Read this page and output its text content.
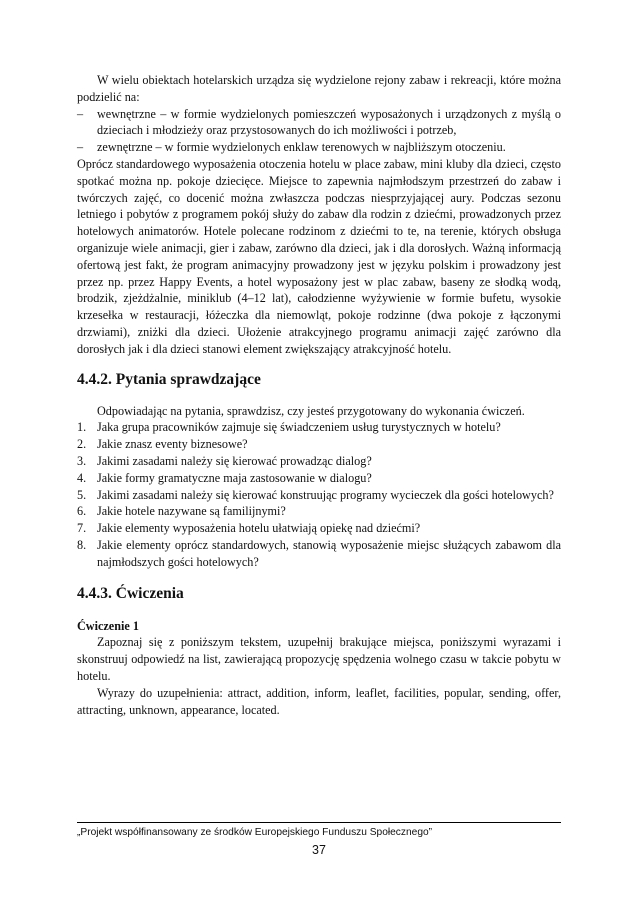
W wielu obiektach hotelarskich urządza się wydzielone rejony zabaw i rekreacji, które można podzielić na:

–	wewnętrzne – w formie wydzielonych pomieszczeń wyposażonych i urządzonych z myślą o dzieciach i młodzieży oraz przystosowanych do ich możliwości i potrzeb,
–	zewnętrzne – w formie wydzielonych enklaw terenowych w najbliższym otoczeniu.

Oprócz standardowego wyposażenia otoczenia hotelu w place zabaw, mini kluby dla dzieci, często spotkać można np. pokoje dziecięce. Miejsce to zapewnia najmłodszym przestrzeń do zabaw i twórczych zajęć, co docenić można zwłaszcza podczas niesprzyjającej aury. Podczas sezonu letniego i pobytów z programem pokój służy do zabaw dla rodzin z dziećmi, prowadzonych przez hotelowych animatorów. Hotele polecane rodzinom z dziećmi to te, na terenie, których obsługa organizuje wiele animacji, gier i zabaw, zarówno dla dzieci, jak i dla dorosłych. Ważną informacją ofertową jest fakt, że program animacyjny prowadzony jest w języku polskim i prowadzony jest przez np. przez Happy Events, a hotel wyposażony jest w plac zabaw, baseny ze słodką wodą, brodzik, zjeżdżalnie, miniklub (4–12 lat), całodzienne wyżywienie w formie bufetu, wysokie krzesełka w restauracji, łóżeczka dla niemowląt, pokoje rodzinne (dwa pokoje z łączonymi drzwiami), zniżki dla dzieci. Ułożenie atrakcyjnego programu animacji zajęć zarówno dla dorosłych jak i dla dzieci stanowi element zwiększający atrakcyjność hotelu.

4.4.2. Pytania sprawdzające

Odpowiadając na pytania, sprawdzisz, czy jesteś przygotowany do wykonania ćwiczeń.

1. Jaka grupa pracowników zajmuje się świadczeniem usług turystycznych w hotelu?
2. Jakie znasz eventy biznesowe?
3. Jakimi zasadami należy się kierować prowadząc dialog?
4. Jakie formy gramatyczne maja zastosowanie w dialogu?
5. Jakimi zasadami należy się kierować konstruując programy wycieczek dla gości hotelowych?
6. Jakie hotele nazywane są familijnymi?
7. Jakie elementy wyposażenia hotelu ułatwiają opiekę nad dziećmi?
8. Jakie elementy oprócz standardowych, stanowią wyposażenie miejsc służących zabawom dla najmłodszych gości hotelowych?
4.4.3. Ćwiczenia

Ćwiczenie 1

Zapoznaj się z poniższym tekstem, uzupełnij brakujące miejsca, poniższymi wyrazami i skonstruuj odpowiedź na list, zawierającą propozycję spędzenia wolnego czasu w takcie pobytu w hotelu.

Wyrazy do uzupełnienia: attract, addition, inform, leaflet, facilities, popular, sending, offer, attracting, unknown, appearance, located.

„Projekt współfinansowany ze środków Europejskiego Funduszu Społecznego”
37
